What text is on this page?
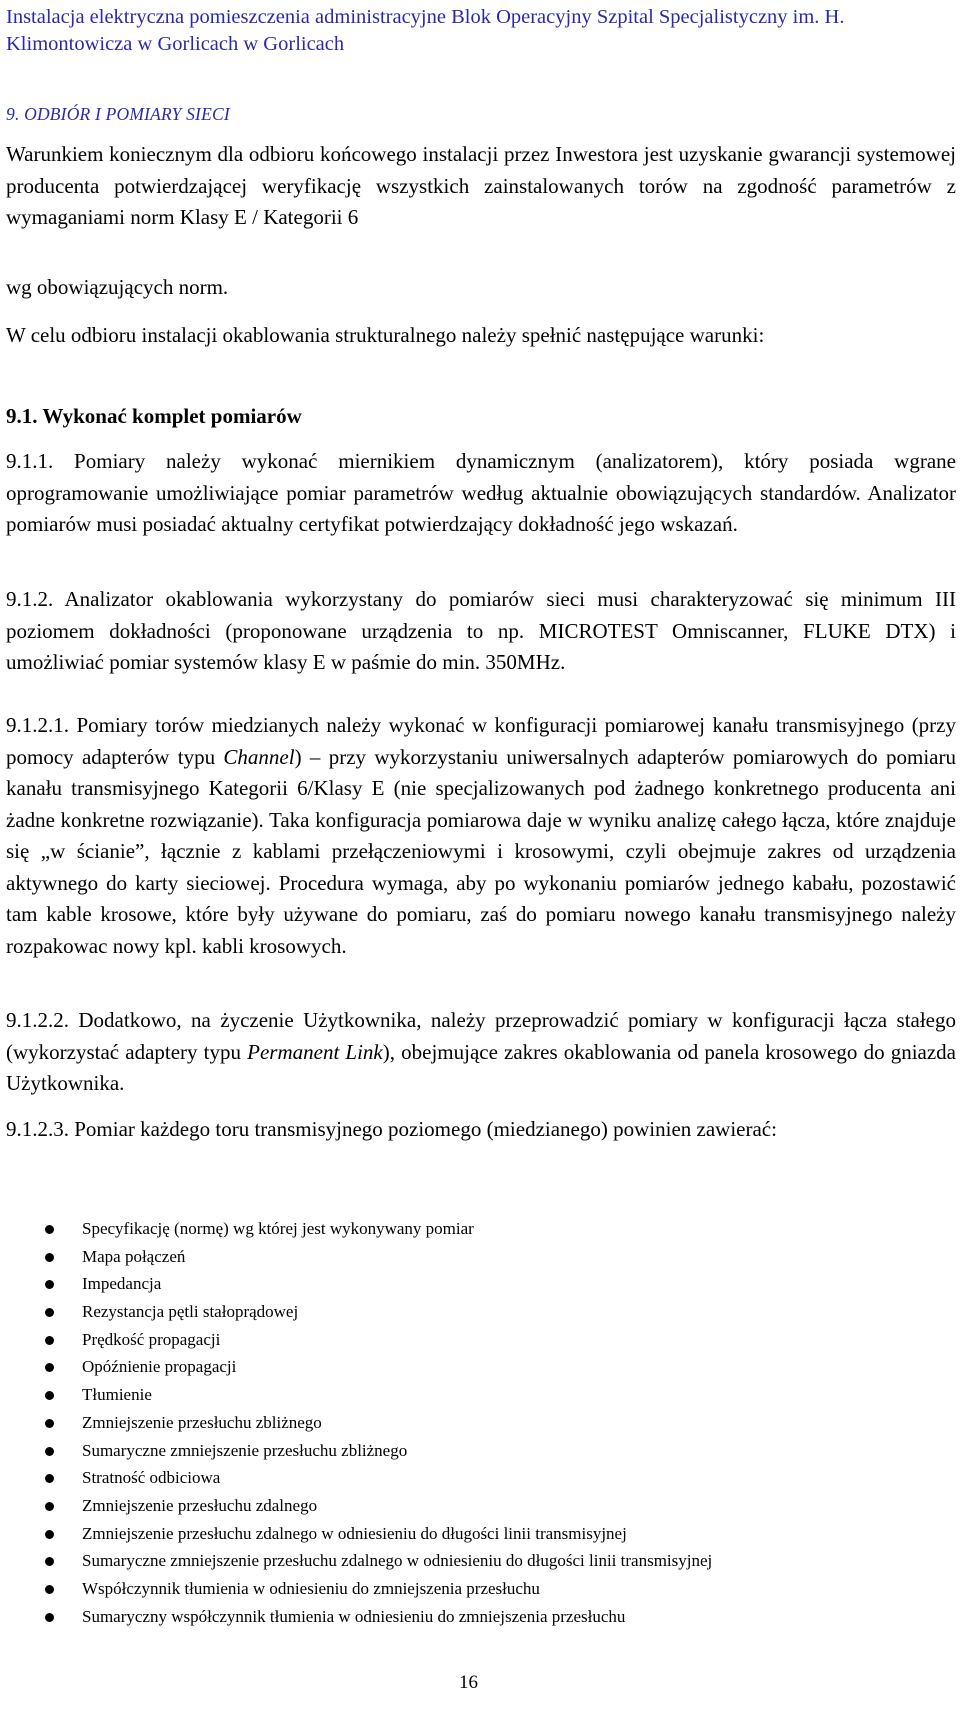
Instalacja elektryczna pomieszczenia administracyjne Blok Operacyjny Szpital Specjalistyczny im. H. Klimontowicza w Gorlicach w Gorlicach
9. ODBIÓR I POMIARY SIECI
Warunkiem koniecznym dla odbioru końcowego instalacji przez Inwestora jest uzyskanie gwarancji systemowej producenta potwierdzającej weryfikację wszystkich zainstalowanych torów na zgodność parametrów z wymaganiami norm Klasy E / Kategorii 6
wg obowiązujących norm.
W celu odbioru instalacji okablowania strukturalnego należy spełnić następujące warunki:
9.1. Wykonać komplet pomiarów
9.1.1. Pomiary należy wykonać miernikiem dynamicznym (analizatorem), który posiada wgrane oprogramowanie umożliwiające pomiar parametrów według aktualnie obowiązujących standardów. Analizator pomiarów musi posiadać aktualny certyfikat potwierdzający dokładność jego wskazań.
9.1.2. Analizator okablowania wykorzystany do pomiarów sieci musi charakteryzować się minimum III poziomem dokładności (proponowane urządzenia to np. MICROTEST Omniscanner, FLUKE DTX) i umożliwiać pomiar systemów klasy E w paśmie do min. 350MHz.
9.1.2.1. Pomiary torów miedzianych należy wykonać w konfiguracji pomiarowej kanału transmisyjnego (przy pomocy adapterów typu Channel) – przy wykorzystaniu uniwersalnych adapterów pomiarowych do pomiaru kanału transmisyjnego Kategorii 6/Klasy E (nie specjalizowanych pod żadnego konkretnego producenta ani żadne konkretne rozwiązanie). Taka konfiguracja pomiarowa daje w wyniku analizę całego łącza, które znajduje się „w ścianie”, łącznie z kablami przełączeniowymi i krosowymi, czyli obejmuje zakres od urządzenia aktywnego do karty sieciowej. Procedura wymaga, aby po wykonaniu pomiarów jednego kabału, pozostawić tam kable krosowe, które były używane do pomiaru, zaś do pomiaru nowego kanału transmisyjnego należy rozpakowac nowy kpl. kabli krosowych.
9.1.2.2. Dodatkowo, na życzenie Użytkownika, należy przeprowadzić pomiary w konfiguracji łącza stałego (wykorzystać adaptery typu Permanent Link), obejmujące zakres okablowania od panela krosowego do gniazda Użytkownika.
9.1.2.3. Pomiar każdego toru transmisyjnego poziomego (miedzianego) powinien zawierać:
Specyfikację (normę) wg której jest wykonywany pomiar
Mapa połączeń
Impedancja
Rezystancja pętli stałoprądowej
Prędkość propagacji
Opóźnienie propagacji
Tłumienie
Zmniejszenie przesłuchu zbliżnego
Sumaryczne zmniejszenie przesłuchu zbliżnego
Stratność odbiciowa
Zmniejszenie przesłuchu zdalnego
Zmniejszenie przesłuchu zdalnego w odniesieniu do długości linii transmisyjnej
Sumaryczne zmniejszenie przesłuchu zdalnego w odniesieniu do długości linii transmisyjnej
Współczynnik tłumienia w odniesieniu do zmniejszenia przesłuchu
Sumaryczny współczynnik tłumienia w odniesieniu do zmniejszenia przesłuchu
16
